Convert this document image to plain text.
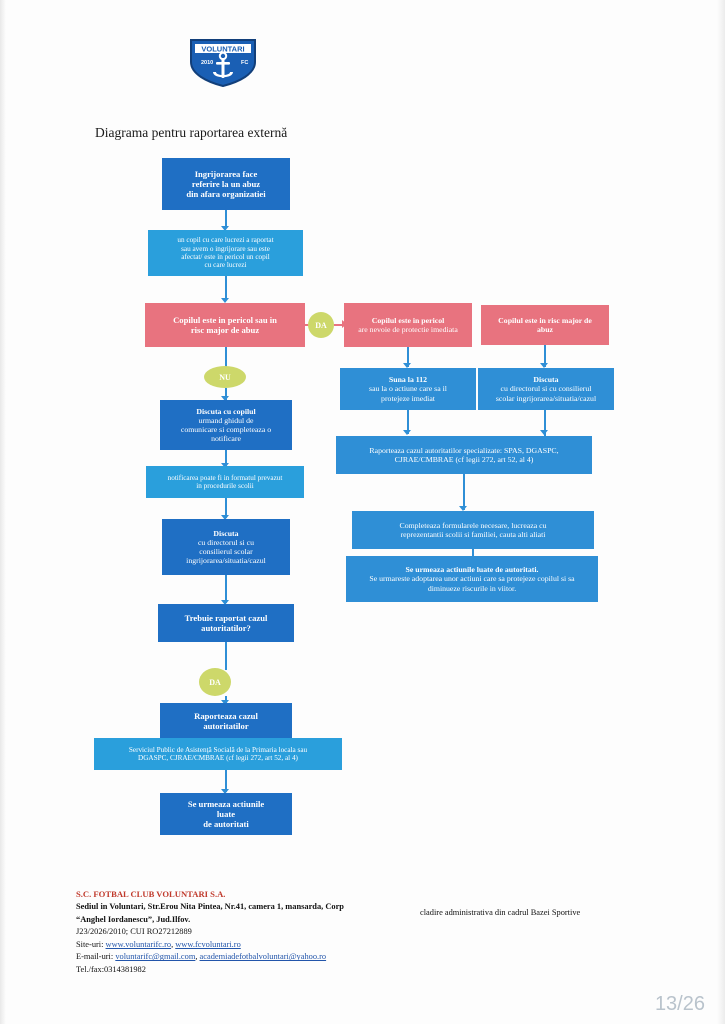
VOLUNTARI
2010	FC
Diagrama pentru raportarea externă
Ingrijorarea face
referire la un abuz
din afara organizatiei
un copil cu care lucrezi a raportat
sau avem o ingrijorare sau este
afectat/ este in pericol un copil
cu care lucrezi
Copilul este in pericol sau in
risc major de abuz	DA
NU
Discuta cu copilul
urmand ghidul de
comunicare si completeaza o
notificare
notificarea poate fi in formatul prevazut
in procedurile scolii
Discuta
cu directorul si cu
consilierul scolar
ingrijorarea/situatia/cazul
Trebuie raportat cazul
autoritatilor?
DA
Raporteaza cazul
autoritatilor
Serviciul Public de Asistenţă Socială de la Primaria locala sau
DGASPC, CJRAE/CMBRAE (cf legii 272, art 52, al 4)
Se urmeaza actiunile
luate
de autoritati
Copilul este in pericol
are nevoie de protectie imediata
Suna la 112
sau la o actiune care sa il
protejeze imediat
Raporteaza cazul autoritatilor specializate: SPAS, DGASPC,
CJRAE/CMBRAE (cf legii 272, art 52, al 4)
Completeaza formularele necesare, lucreaza cu
reprezentantii scolii si familiei, cauta alti aliati
Se urmeaza actiunile luate de autoritati.
Se urmareste adoptarea unor actiuni care sa protejeze copilul si sa
diminueze riscurile in viitor.
Copilul este in risc major de
abuz
Discuta
cu directorul si cu consilierul
scolar ingrijorarea/situatia/cazul
S.C. FOTBAL CLUB VOLUNTARI S.A.
Sediul in Voluntari, Str.Erou Nita Pintea, Nr.41, camera 1, mansarda, Corp
“Anghel Iordanescu”, Jud.Ilfov.
J23/2026/2010; CUI RO27212889
Site-uri: www.voluntarifc.ro, www.fcvoluntari.ro
E-mail-uri: voluntarifc@gmail.com, academiadefotbalvoluntari@yahoo.ro
Tel./fax:0314381982
cladire administrativa din cadrul Bazei Sportive
13/26
